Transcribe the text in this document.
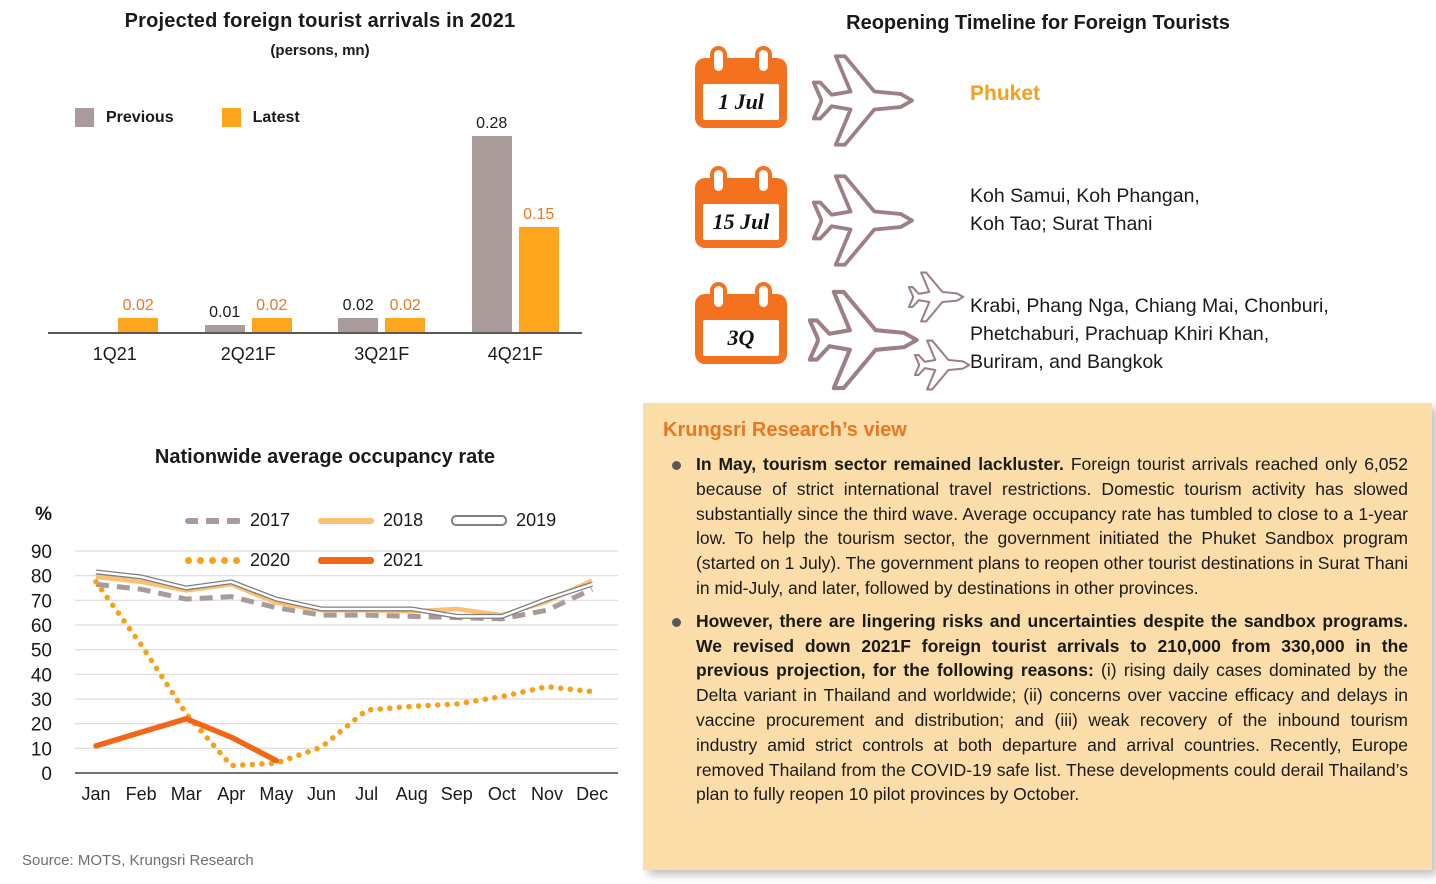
Projected foreign tourist arrivals in 2021
(persons, mn)
Previous	Latest
0.02	0.01 0.02	0.02 0.02
0.28
0.15
1Q21	2Q21F	3Q21F	4Q21F
Reopening Timeline for Foreign Tourists
1 Jul	Phuket
15 Jul
Koh Samui, Koh Phangan,
Koh Tao; Surat Thani
3Q
Krabi, Phang Nga, Chiang Mai, Chonburi,
Phetchaburi, Prachuap Khiri Khan,
Buriram, and Bangkok
0
10
20
30
40
50
60
70
80
90
%
Jan Feb Mar Apr May Jun Jul Aug Sep Oct Nov Dec
Nationwide average occupancy rate
2017	2018	2019
2020	2021
Krungsri Research’s view

In May, tourism sector remained lackluster. Foreign tourist arrivals reached only 6,052 because of strict international travel restrictions. Domestic tourism activity has slowed substantially since the third wave. Average occupancy rate has tumbled to close to a 1-year low. To help the tourism sector, the government initiated the Phuket Sandbox program (started on 1 July). The government plans to reopen other tourist destinations in Surat Thani in mid-July, and later, followed by destinations in other provinces.

However, there are lingering risks and uncertainties despite the sandbox programs. We revised down 2021F foreign tourist arrivals to 210,000 from 330,000 in the previous projection, for the following reasons: (i) rising daily cases dominated by the Delta variant in Thailand and worldwide; (ii) concerns over vaccine efficacy and delays in vaccine procurement and distribution; and (iii) weak recovery of the inbound tourism industry amid strict controls at both departure and arrival countries. Recently, Europe removed Thailand from the COVID-19 safe list. These developments could derail Thailand’s plan to fully reopen 10 pilot provinces by October.

Source: MOTS, Krungsri Research
